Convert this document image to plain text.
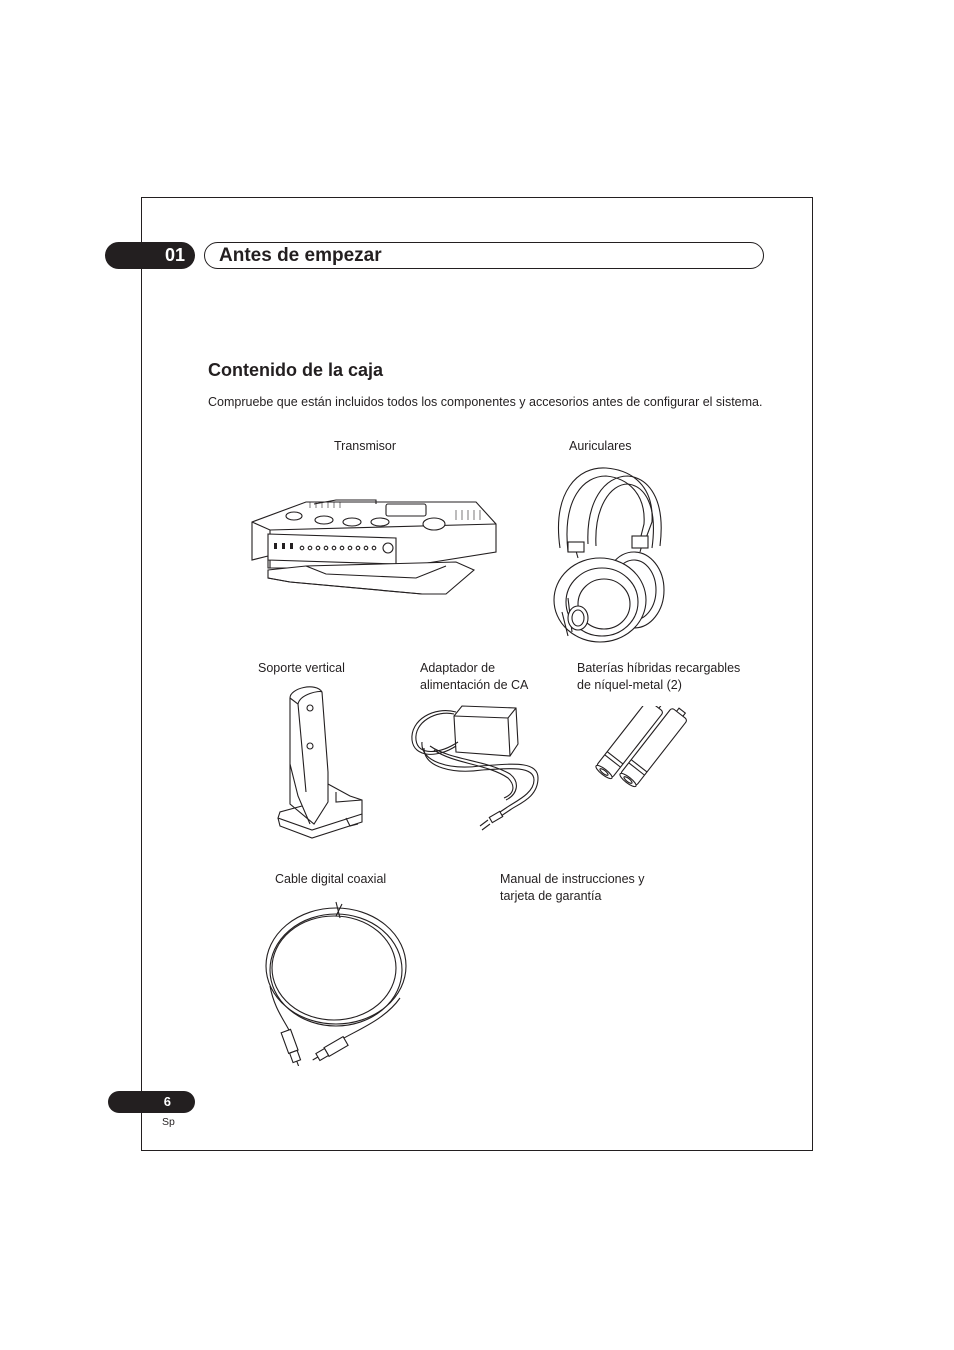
01	Antes de empezar
Contenido de la caja
Compruebe que están incluidos todos los componentes y accesorios antes de configurar el sistema.
Transmisor	Auriculares
Soporte vertical	Adaptador de
alimentación de CA
Baterías híbridas recargables
de níquel-metal (2)
Cable digital coaxial	Manual de instrucciones y
tarjeta de garantía
6
Sp
